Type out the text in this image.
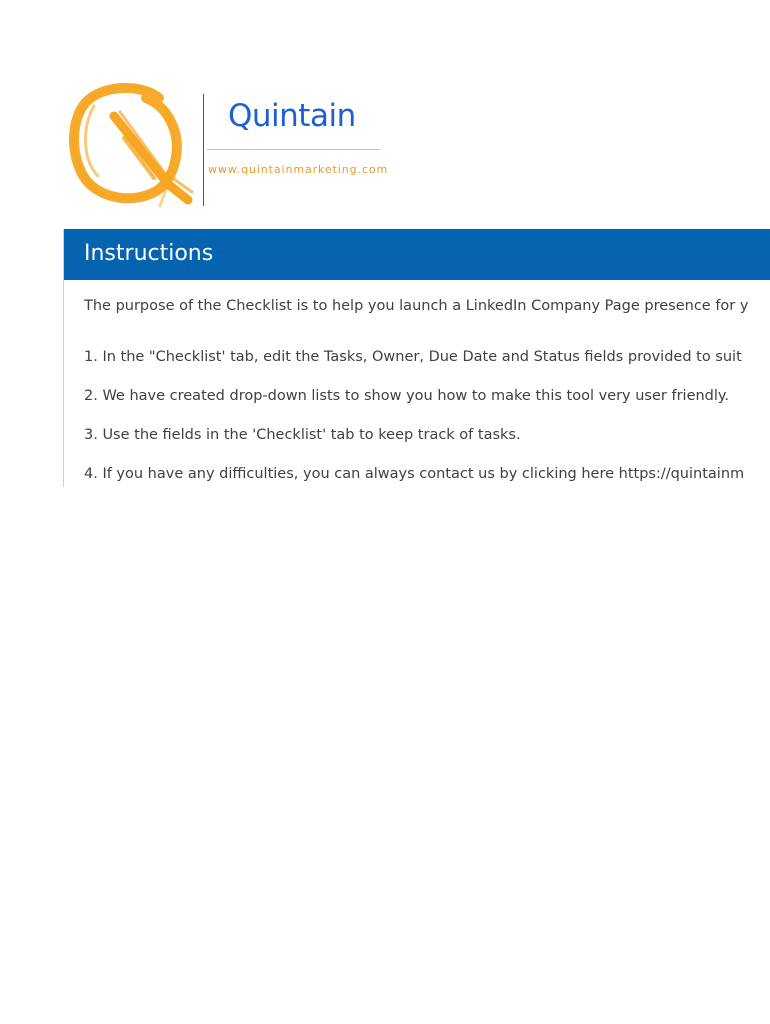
Quintain
www.quintainmarketing.com
Instructions
The purpose of the Checklist is to help you launch a LinkedIn Company Page presence for y
1. In the "Checklist' tab, edit the Tasks, Owner, Due Date and Status fields provided to suit
2. We have created drop-down lists to show you how to make this tool very user friendly.
3. Use the fields in the 'Checklist' tab to keep track of tasks.
4. If you have any difficulties, you can always contact us by clicking here https://quintainm
